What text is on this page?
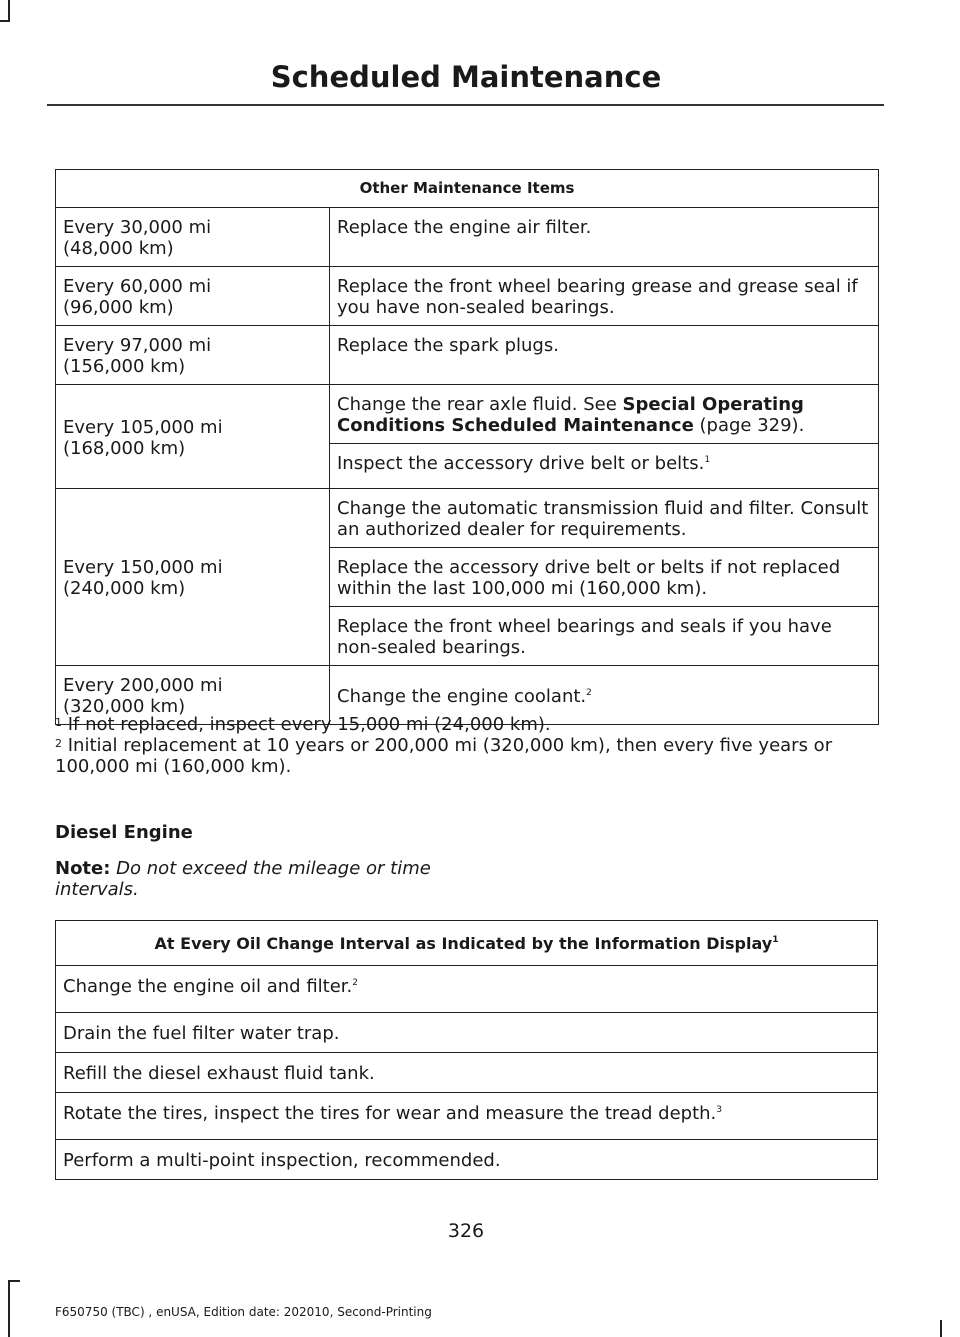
Scheduled Maintenance
Other Maintenance Items	
Every 30,000 mi
(48,000 km)	Replace the engine air filter.
Every 60,000 mi
(96,000 km)	Replace the front wheel bearing grease and grease seal if you have non-sealed bearings.
Every 97,000 mi
(156,000 km)	Replace the spark plugs.
Every 105,000 mi
(168,000 km)	Change the rear axle fluid. See Special Operating Conditions Scheduled Maintenance (page 329).
	Inspect the accessory drive belt or belts.$^1$
Every 150,000 mi
(240,000 km)	Change the automatic transmission fluid and filter. Consult an authorized dealer for requirements.
	Replace the accessory drive belt or belts if not replaced within the last 100,000 mi (160,000 km).
	Replace the front wheel bearings and seals if you have non-sealed bearings.
Every 200,000 mi
(320,000 km)	Change the engine coolant.$^2$

$^1$ If not replaced, inspect every 15,000 mi (24,000 km).

$^2$ Initial replacement at 10 years or 200,000 mi (320,000 km), then every five years or 100,000 mi (160,000 km).

Diesel Engine
Note: Do not exceed the mileage or time intervals.
At Every Oil Change Interval as Indicated by the Information Display$^1$
Change the engine oil and filter.$^2$
Drain the fuel filter water trap.
Refill the diesel exhaust fluid tank.
Rotate the tires, inspect the tires for wear and measure the tread depth.$^3$
Perform a multi-point inspection, recommended.
326
F650750 (TBC) , enUSA, Edition date: 202010, Second-Printing
